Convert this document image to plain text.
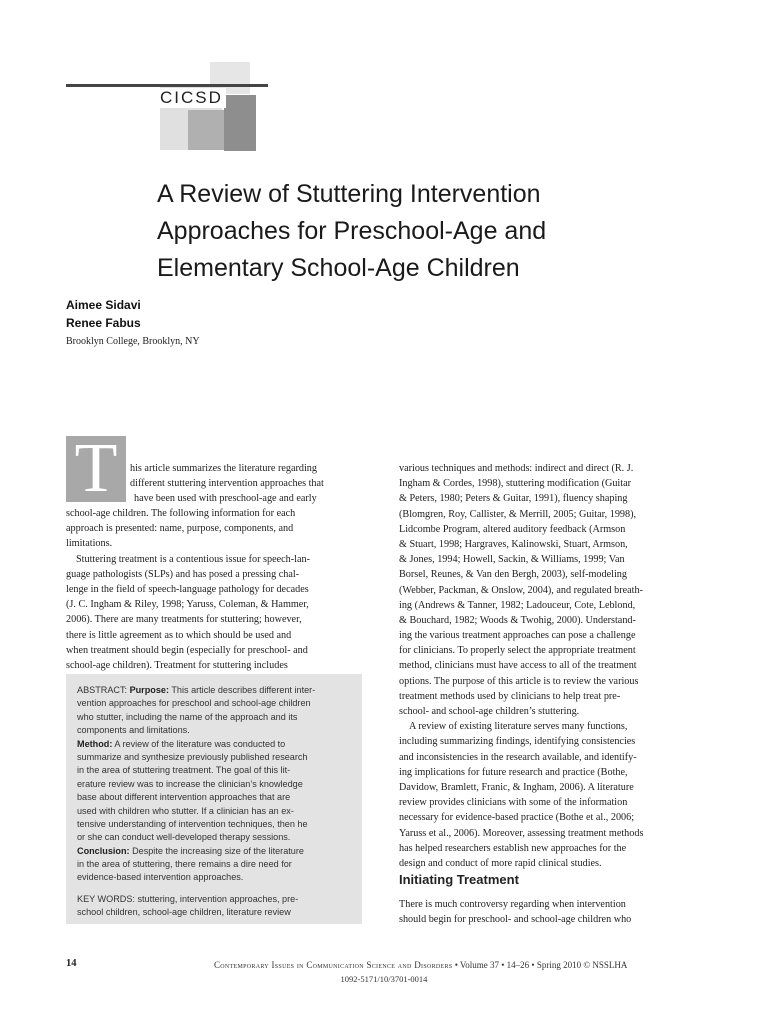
CICSD
A Review of Stuttering Intervention
Approaches for Preschool-Age and
Elementary School-Age Children
Aimee Sidavi
Renee Fabus
Brooklyn College, Brooklyn, NY
T	his article summarizes the literature regarding
different stuttering intervention approaches that
have been used with preschool-age and early
school-age children. The following information for each
approach is presented: name, purpose, components, and
limitations.
Stuttering treatment is a contentious issue for speech-lan-
guage pathologists (SLPs) and has posed a pressing chal-
lenge in the field of speech-language pathology for decades
(J. C. Ingham & Riley, 1998; Yaruss, Coleman, & Hammer,
2006). There are many treatments for stuttering; however,
there is little agreement as to which should be used and
when treatment should begin (especially for preschool- and
school-age children). Treatment for stuttering includes
ABSTRACT: Purpose: This article describes different inter-
vention approaches for preschool and school-age children
who stutter, including the name of the approach and its
components and limitations.
Method: A review of the literature was conducted to
summarize and synthesize previously published research
in the area of stuttering treatment. The goal of this lit-
erature review was to increase the clinician’s knowledge
base about different intervention approaches that are
used with children who stutter. If a clinician has an ex-
tensive understanding of intervention techniques, then he
or she can conduct well-developed therapy sessions.
Conclusion: Despite the increasing size of the literature
in the area of stuttering, there remains a dire need for
evidence-based intervention approaches.
KEY WORDS: stuttering, intervention approaches, pre-
school children, school-age children, literature review
various techniques and methods: indirect and direct (R. J.
Ingham & Cordes, 1998), stuttering modification (Guitar
& Peters, 1980; Peters & Guitar, 1991), fluency shaping
(Blomgren, Roy, Callister, & Merrill, 2005; Guitar, 1998),
Lidcombe Program, altered auditory feedback (Armson
& Stuart, 1998; Hargraves, Kalinowski, Stuart, Armson,
& Jones, 1994; Howell, Sackin, & Williams, 1999; Van
Borsel, Reunes, & Van den Bergh, 2003), self-modeling
(Webber, Packman, & Onslow, 2004), and regulated breath-
ing (Andrews & Tanner, 1982; Ladouceur, Cote, Leblond,
& Bouchard, 1982; Woods & Twohig, 2000). Understand-
ing the various treatment approaches can pose a challenge
for clinicians. To properly select the appropriate treatment
method, clinicians must have access to all of the treatment
options. The purpose of this article is to review the various
treatment methods used by clinicians to help treat pre-
school- and school-age children’s stuttering.
A review of existing literature serves many functions,
including summarizing findings, identifying consistencies
and inconsistencies in the research available, and identify-
ing implications for future research and practice (Bothe,
Davidow, Bramlett, Franic, & Ingham, 2006). A literature
review provides clinicians with some of the information
necessary for evidence-based practice (Bothe et al., 2006;
Yaruss et al., 2006). Moreover, assessing treatment methods
has helped researchers establish new approaches for the
design and conduct of more rapid clinical studies.
Initiating Treatment
There is much controversy regarding when intervention
should begin for preschool- and school-age children who
14	Contemporary Issues in Communication Science and Disorders • Volume 37 • 14–26 • Spring 2010 © NSSLHA
1092-5171/10/3701-0014
